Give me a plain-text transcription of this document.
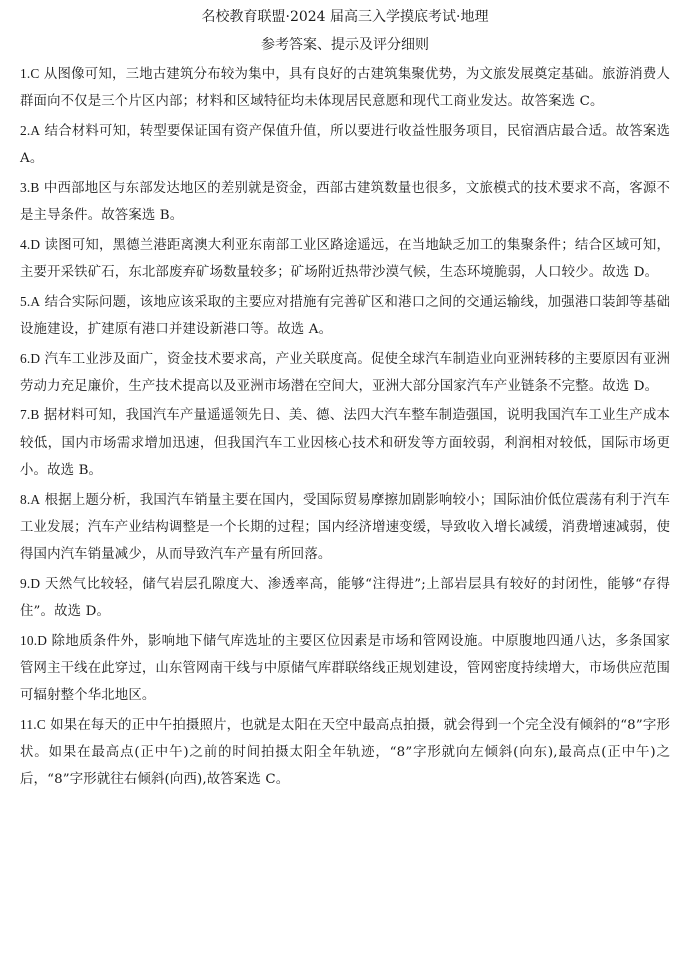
名校教育联盟·2024 届高三入学摸底考试·地理
参考答案、提示及评分细则

1.C 从图像可知，三地古建筑分布较为集中，具有良好的古建筑集聚优势，为文旅发展奠定基础。旅游消费人群面向不仅是三个片区内部；材料和区域特征均未体现居民意愿和现代工商业发达。故答案选 C。

2.A 结合材料可知，转型要保证国有资产保值升值，所以要进行收益性服务项目，民宿酒店最合适。故答案选 A。

3.B 中西部地区与东部发达地区的差别就是资金，西部古建筑数量也很多，文旅模式的技术要求不高，客源不是主导条件。故答案选 B。

4.D 读图可知，黑德兰港距离澳大利亚东南部工业区路途遥远，在当地缺乏加工的集聚条件；结合区域可知，主要开采铁矿石，东北部废弃矿场数量较多；矿场附近热带沙漠气候，生态环境脆弱，人口较少。故选 D。

5.A 结合实际问题，该地应该采取的主要应对措施有完善矿区和港口之间的交通运输线，加强港口装卸等基础设施建设，扩建原有港口并建设新港口等。故选 A。

6.D 汽车工业涉及面广，资金技术要求高，产业关联度高。促使全球汽车制造业向亚洲转移的主要原因有亚洲劳动力充足廉价，生产技术提高以及亚洲市场潜在空间大，亚洲大部分国家汽车产业链条不完整。故选 D。

7.B 据材料可知，我国汽车产量遥遥领先日、美、德、法四大汽车整车制造强国，说明我国汽车工业生产成本较低，国内市场需求增加迅速，但我国汽车工业因核心技术和研发等方面较弱，利润相对较低，国际市场更小。故选 B。

8.A 根据上题分析，我国汽车销量主要在国内，受国际贸易摩擦加剧影响较小；国际油价低位震荡有利于汽车工业发展；汽车产业结构调整是一个长期的过程；国内经济增速变缓，导致收入增长减缓，消费增速减弱，使得国内汽车销量减少，从而导致汽车产量有所回落。

9.D 天然气比较轻，储气岩层孔隙度大、渗透率高，能够“注得进”;上部岩层具有较好的封闭性，能够“存得住”。故选 D。

10.D 除地质条件外，影响地下储气库选址的主要区位因素是市场和管网设施。中原腹地四通八达，多条国家管网主干线在此穿过，山东管网南干线与中原储气库群联络线正规划建设，管网密度持续增大，市场供应范围可辐射整个华北地区。

11.C 如果在每天的正中午拍摄照片，也就是太阳在天空中最高点拍摄，就会得到一个完全没有倾斜的“8”字形状。如果在最高点(正中午)之前的时间拍摄太阳全年轨迹，“8”字形就向左倾斜(向东),最高点(正中午)之后，“8”字形就往右倾斜(向西),故答案选 C。
